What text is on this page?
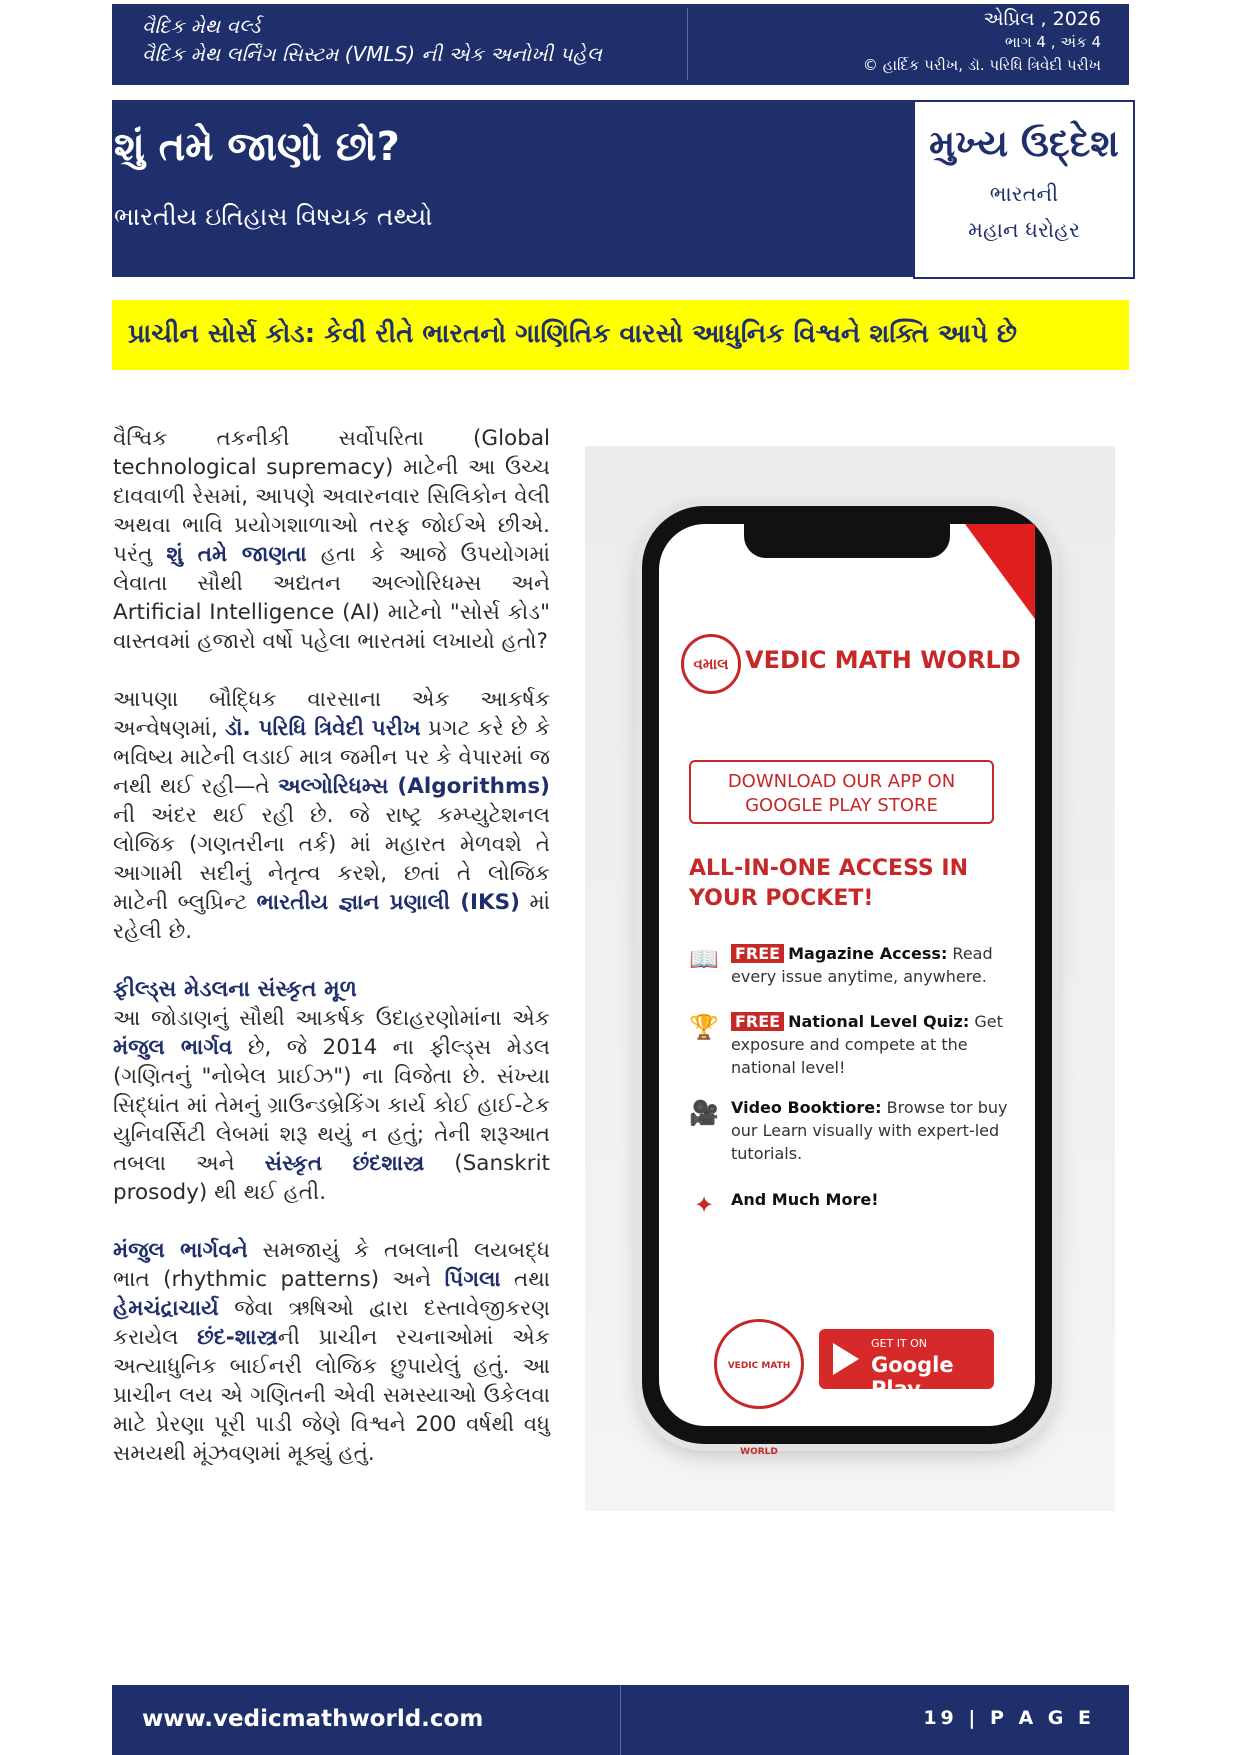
વૈદિક મેથ વર્લ્ડ
વૈદિક મેથ લર્નિંગ સિસ્ટમ (VMLS) ની એક અનોખી પહેલ
એપ્રિલ , 2026
ભાગ 4 , અંક 4
© હાર્દિક પરીખ, ડૉ. પરિધિ ત્રિવેદી પરીખ
શું તમે જાણો છો?
ભારતીય ઇતિહાસ વિષયક તથ્યો
મુખ્ય ઉદ્દેશ
ભારતની
મહાન ધરોહર
પ્રાચીન સોર્સ કોડ: કેવી રીતે ભારતનો ગાણિતિક વારસો આધુનિક વિશ્વને શક્તિ આપે છે

વૈશ્વિક તકનીકી સર્વોપરિતા (Global technological supremacy) માટેની આ ઉચ્ચ દાવવાળી રેસમાં, આપણે અવારનવાર સિલિકોન વેલી અથવા ભાવિ પ્રયોગશાળાઓ તરફ જોઈએ છીએ. પરંતુ શું તમે જાણતા હતા કે આજે ઉપયોગમાં લેવાતા સૌથી અદ્યતન અલ્ગોરિધમ્સ અને Artificial Intelligence (AI) માટેનો "સોર્સ કોડ" વાસ્તવમાં હજારો વર્ષો પહેલા ભારતમાં લખાયો હતો?

આપણા બૌદ્ધિક વારસાના એક આકર્ષક અન્વેષણમાં, ડૉ. પરિધિ ત્રિવેદી પરીખ પ્રગટ કરે છે કે ભવિષ્ય માટેની લડાઈ માત્ર જમીન પર કે વેપારમાં જ નથી થઈ રહી—તે અલ્ગોરિધમ્સ (Algorithms) ની અંદર થઈ રહી છે. જે રાષ્ટ્ર કમ્પ્યુટેશનલ લોજિક (ગણતરીના તર્ક) માં મહારત મેળવશે તે આગામી સદીનું નેતૃત્વ કરશે, છતાં તે લોજિક માટેની બ્લુપ્રિન્ટ ભારતીય જ્ઞાન પ્રણાલી (IKS) માં રહેલી છે.

ફીલ્ડ્સ મેડલના સંસ્કૃત મૂળ

આ જોડાણનું સૌથી આકર્ષક ઉદાહરણોમાંના એક મંજુલ ભાર્ગવ છે, જે 2014 ના ફીલ્ડ્સ મેડલ (ગણિતનું "નોબેલ પ્રાઈઝ") ના વિજેતા છે. સંખ્યા સિદ્ધાંત માં તેમનું ગ્રાઉન્ડબ્રેકિંગ કાર્ય કોઈ હાઈ-ટેક યુનિવર્સિટી લેબમાં શરૂ થયું ન હતું; તેની શરૂઆત તબલા અને સંસ્કૃત છંદશાસ્ત્ર (Sanskrit prosody) થી થઈ હતી.

મંજુલ ભાર્ગવને સમજાયું કે તબલાની લયબદ્ધ ભાત (rhythmic patterns) અને પિંગલા તથા હેમચંદ્રાચાર્ય જેવા ઋષિઓ દ્વારા દસ્તાવેજીકરણ કરાયેલ છંદ-શાસ્ત્રની પ્રાચીન રચનાઓમાં એક અત્યાધુનિક બાઈનરી લોજિક છુપાયેલું હતું. આ પ્રાચીન લય એ ગણિતની એવી સમસ્યાઓ ઉકેલવા માટે પ્રેરણા પૂરી પાડી જેણે વિશ્વને 200 વર્ષથી વધુ સમયથી મૂંઝવણમાં મૂક્યું હતું.

વમાલ VEDIC MATH WORLD
DOWNLOAD OUR APP ON
GOOGLE PLAY STORE
ALL-IN-ONE ACCESS IN YOUR POCKET!
📖 FREE Magazine Access: Read every issue anytime, anywhere.
🏆 FREE National Level Quiz: Get exposure and compete at the national level!
🎥 Video Booktiore: Browse tor buy our Learn visually with expert-led tutorials.
✦	And Much More!
VEDIC MATH WORLD
GET IT ON
Google Play
www.vedicmathworld.com	19 | P A G E
